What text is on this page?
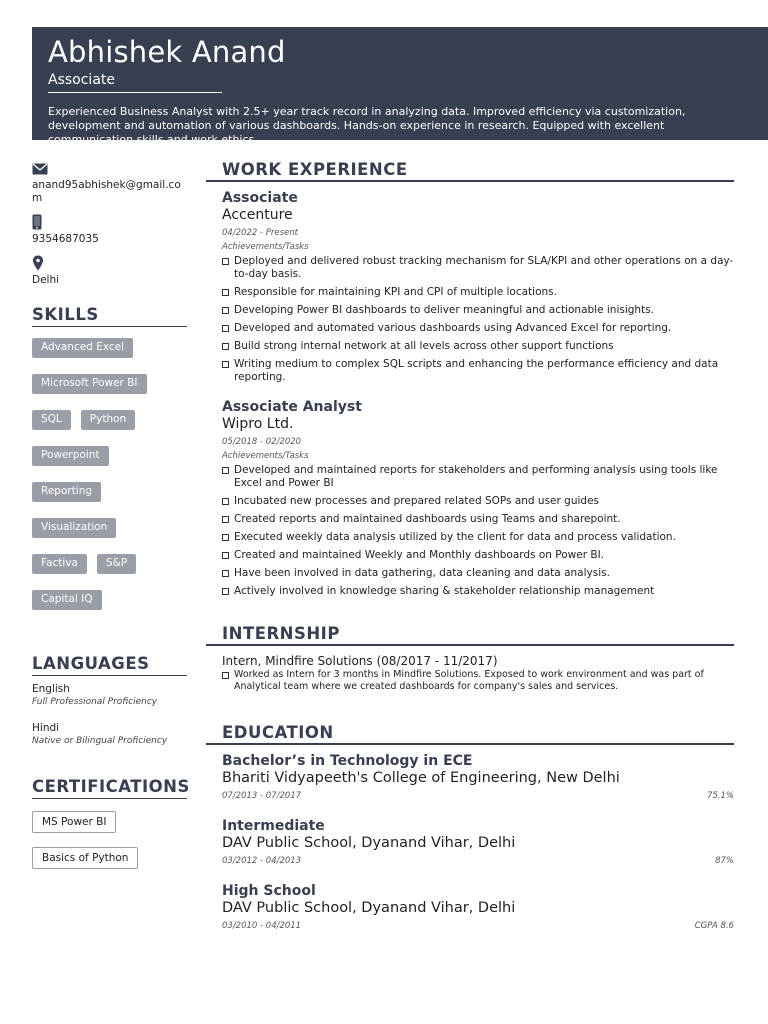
Abhishek Anand
Associate
Experienced Business Analyst with 2.5+ year track record in analyzing data. Improved efficiency via customization, development and automation of various dashboards. Hands-on experience in research. Equipped with excellent communication skills and work ethics.
anand95abhishek@gmail.com
9354687035
Delhi
SKILLS
Advanced Excel
Microsoft Power BI
SQL	Python
Powerpoint
Reporting
Visualization
Factiva	S&P
Capital IQ
LANGUAGES
English
Full Professional Proficiency
Hindi
Native or Bilingual Proficiency
CERTIFICATIONS
MS Power BI
Basics of Python
WORK EXPERIENCE
Associate
Accenture
04/2022 - Present
Achievements/Tasks
Deployed and delivered robust tracking mechanism for SLA/KPI and other operations on a day-to-day basis.
Responsible for maintaining KPI and CPI of multiple locations.
Developing Power BI dashboards to deliver meaningful and actionable inisights.
Developed and automated various dashboards using Advanced Excel for reporting.
Build strong internal network at all levels across other support functions
Writing medium to complex SQL scripts and enhancing the performance efficiency and data reporting.
Associate Analyst
Wipro Ltd.
05/2018 - 02/2020
Achievements/Tasks
Developed and maintained reports for stakeholders and performing analysis using tools like Excel and Power BI
Incubated new processes and prepared related SOPs and user guides
Created reports and maintained dashboards using Teams and sharepoint.
Executed weekly data analysis utilized by the client for data and process validation.
Created and maintained Weekly and Monthly dashboards on Power BI.
Have been involved in data gathering, data cleaning and data analysis.
Actively involved in knowledge sharing & stakeholder relationship management
INTERNSHIP
Intern, Mindfire Solutions (08/2017 - 11/2017)
Worked as Intern for 3 months in Mindfire Solutions. Exposed to work environment and was part of Analytical team where we created dashboards for company's sales and services.
EDUCATION
Bachelor’s in Technology in ECE
Bhariti Vidyapeeth's College of Engineering, New Delhi
07/2013 - 07/2017	75.1%
Intermediate
DAV Public School, Dyanand Vihar, Delhi
03/2012 - 04/2013	87%
High School
DAV Public School, Dyanand Vihar, Delhi
03/2010 - 04/2011	CGPA 8.6
